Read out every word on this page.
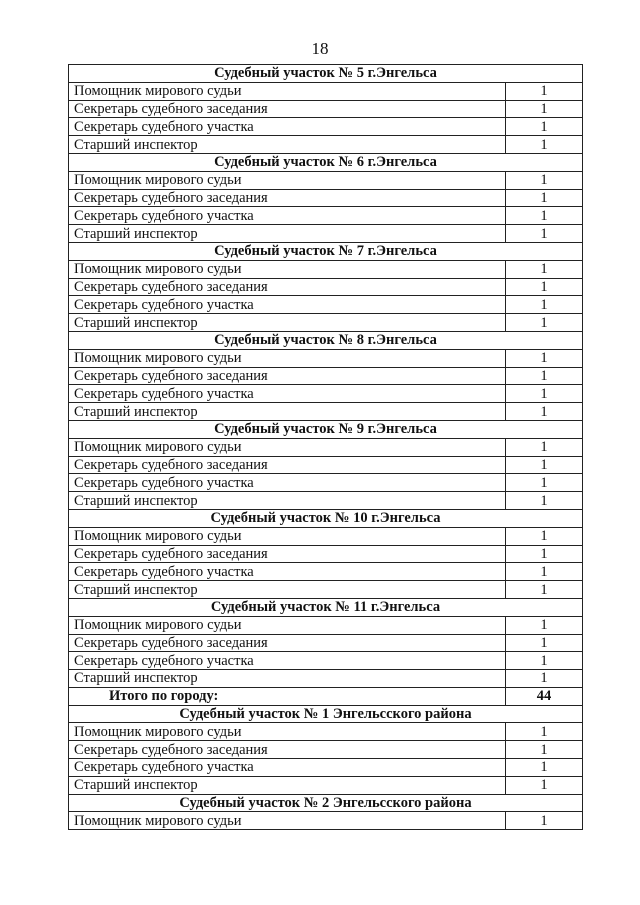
18
Судебный участок № 5 г.Энгельса	
Помощник мирового судьи	1
Секретарь судебного заседания	1
Секретарь судебного участка	1
Старший инспектор	1
Судебный участок № 6 г.Энгельса	
Помощник мирового судьи	1
Секретарь судебного заседания	1
Секретарь судебного участка	1
Старший инспектор	1
Судебный участок № 7 г.Энгельса	
Помощник мирового судьи	1
Секретарь судебного заседания	1
Секретарь судебного участка	1
Старший инспектор	1
Судебный участок № 8 г.Энгельса	
Помощник мирового судьи	1
Секретарь судебного заседания	1
Секретарь судебного участка	1
Старший инспектор	1
Судебный участок № 9 г.Энгельса	
Помощник мирового судьи	1
Секретарь судебного заседания	1
Секретарь судебного участка	1
Старший инспектор	1
Судебный участок № 10 г.Энгельса	
Помощник мирового судьи	1
Секретарь судебного заседания	1
Секретарь судебного участка	1
Старший инспектор	1
Судебный участок № 11 г.Энгельса	
Помощник мирового судьи	1
Секретарь судебного заседания	1
Секретарь судебного участка	1
Старший инспектор	1
Итого по городу:	44
Судебный участок № 1 Энгельсского района	
Помощник мирового судьи	1
Секретарь судебного заседания	1
Секретарь судебного участка	1
Старший инспектор	1
Судебный участок № 2 Энгельсского района	
Помощник мирового судьи	1
